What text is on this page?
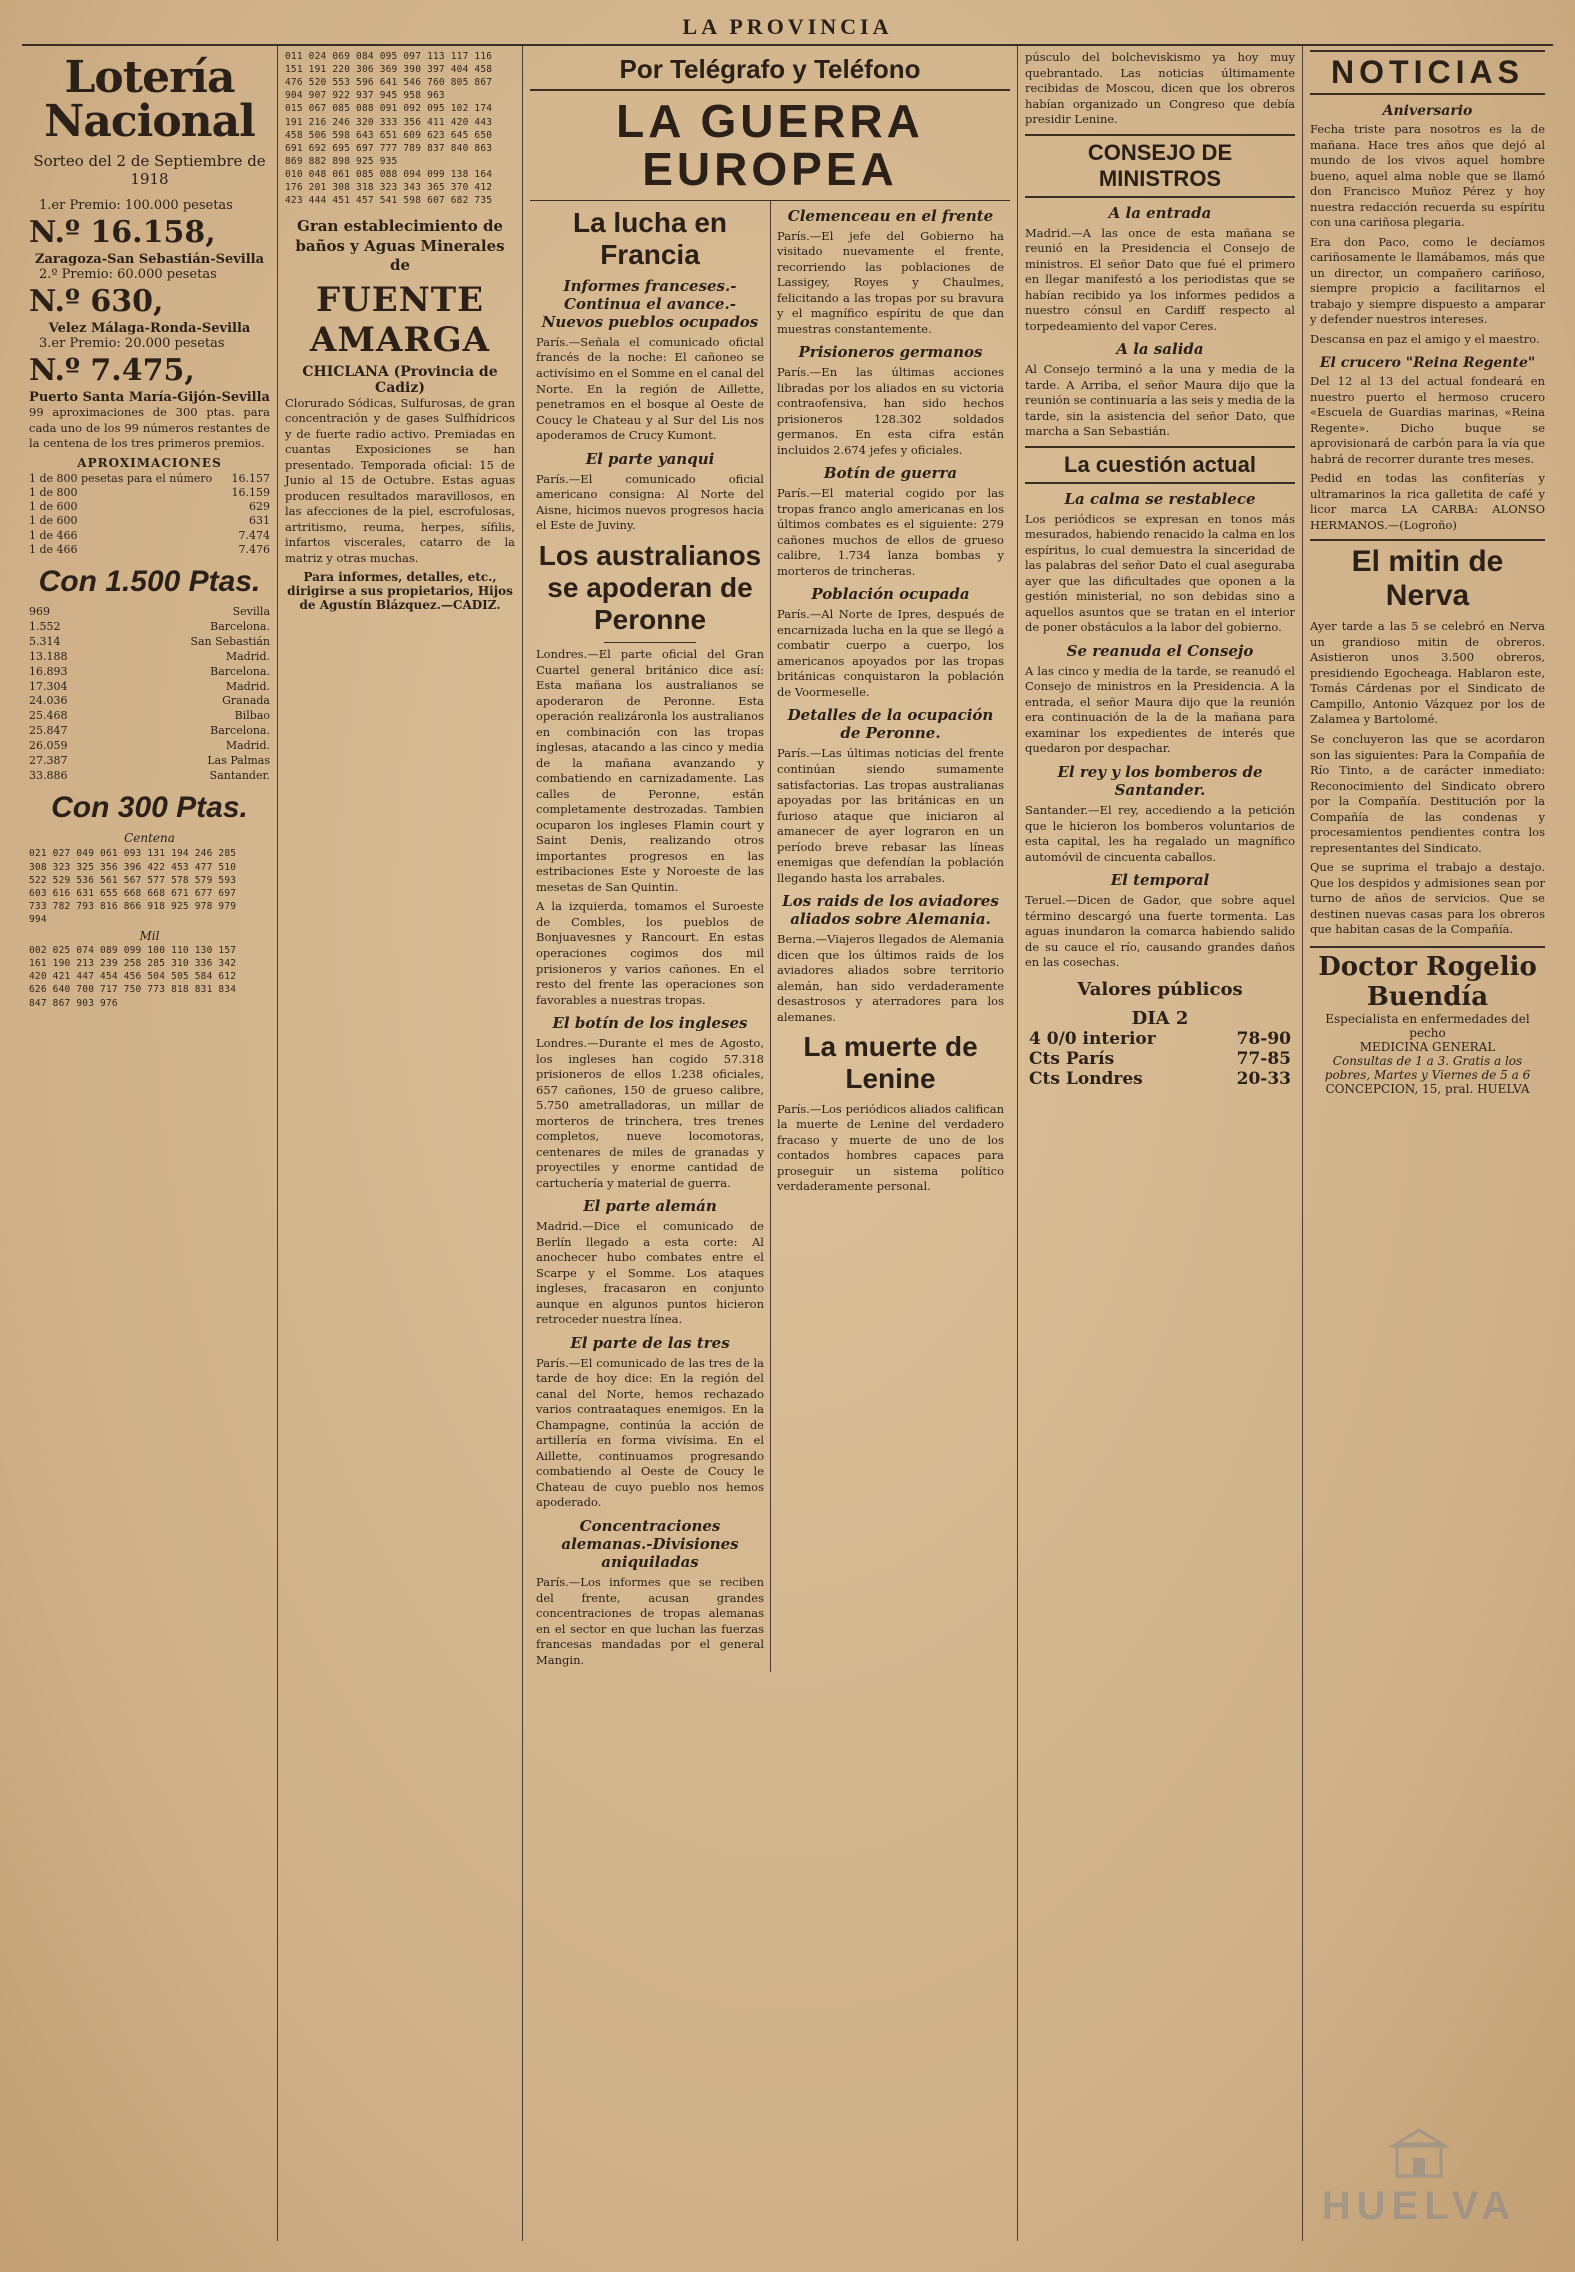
LA PROVINCIA
Lotería Nacional
Sorteo del 2 de Septiembre de 1918
1.er Premio: 100.000 pesetas
N.º 16.158,
Zaragoza-San Sebastián-Sevilla
2.º Premio: 60.000 pesetas
N.º 630,
Velez Málaga-Ronda-Sevilla
3.er Premio: 20.000 pesetas
N.º 7.475,
Puerto Santa María-Gijón-Sevilla

99 aproximaciones de 300 ptas. para cada uno de los 99 números restantes de la centena de los tres primeros premios.

APROXIMACIONES
1 de 800 pesetas para el número 16.157
1 de 800	16.159
1 de 600	629
1 de 600	631
1 de 466	7.474
1 de 466	7.476
Con 1.500 Ptas.
969	Sevilla
1.552	Barcelona.
5.314	San Sebastián
13.188	Madrid.
16.893	Barcelona.
17.304	Madrid.
24.036	Granada
25.468	Bilbao
25.847	Barcelona.
26.059	Madrid.
27.387	Las Palmas
33.886	Santander.
Con 300 Ptas.
Centena
021 027 049 061 093 131 194 246 285
308 323 325 356 396 422 453 477 510
522 529 536 561 567 577 578 579 593
603 616 631 655 668 668 671 677 697
733 782 793 816 866 918 925 978 979
994
Mil
002 025 074 089 099 100 110 130 157
161 190 213 239 258 285 310 336 342
420 421 447 454 456 504 505 584 612
626 640 700 717 750 773 818 831 834
847 867 903 976
011 024 069 084 095 097 113 117 116
151 191 220 306 369 390 397 404 458
476 520 553 596 641 546 760 805 867
904 907 922 937 945 958 963
015 067 085 088 091 092 095 102 174
191 216 246 320 333 356 411 420 443
458 506 598 643 651 609 623 645 650
691 692 695 697 777 789 837 840 863
869 882 898 925 935
010 048 061 085 088 094 099 138 164
176 201 308 318 323 343 365 370 412
423 444 451 457 541 598 607 682 735
Gran establecimiento de baños y Aguas Minerales de
FUENTE AMARGA
CHICLANA (Provincia de Cadiz)

Clorurado Sódicas, Sulfurosas, de gran concentración y de gases Sulfhídricos y de fuerte radio activo. Premiadas en cuantas Exposiciones se han presentado. Temporada oficial: 15 de Junio al 15 de Octubre. Estas aguas producen resultados maravillosos, en las afecciones de la piel, escrofulosas, artritismo, reuma, herpes, sífilis, infartos viscerales, catarro de la matriz y otras muchas.

Para informes, detalles, etc., dirigirse a sus propietarios, Hijos de Agustín Blázquez.—CADIZ.
Por Telégrafo y Teléfono
LA GUERRA EUROPEA
La lucha en Francia
Informes franceses.-Continua el avance.-Nuevos pueblos ocupados

París.—Señala el comunicado oficial francés de la noche: El cañoneo se activísimo en el Somme en el canal del Norte. En la región de Aillette, penetramos en el bosque al Oeste de Coucy le Chateau y al Sur del Lis nos apoderamos de Crucy Kumont.

El parte yanqui

París.—El comunicado oficial americano consigna: Al Norte del Aisne, hicimos nuevos progresos hacia el Este de Juviny.

Los australianos se apoderan de Peronne

Londres.—El parte oficial del Gran Cuartel general británico dice así: Esta mañana los australianos se apoderaron de Peronne. Esta operación realizáronla los australianos en combinación con las tropas inglesas, atacando a las cinco y media de la mañana avanzando y combatiendo en carnizadamente. Las calles de Peronne, están completamente destrozadas. Tambien ocuparon los ingleses Flamin court y Saint Denis, realizando otros importantes progresos en las estribaciones Este y Noroeste de las mesetas de San Quintin.

A la izquierda, tomamos el Suroeste de Combles, los pueblos de Bonjuavesnes y Rancourt. En estas operaciones cogimos dos mil prisioneros y varios cañones. En el resto del frente las operaciones son favorables a nuestras tropas.

El botín de los ingleses

Londres.—Durante el mes de Agosto, los ingleses han cogido 57.318 prisioneros de ellos 1.238 oficiales, 657 cañones, 150 de grueso calibre, 5.750 ametralladoras, un millar de morteros de trinchera, tres trenes completos, nueve locomotoras, centenares de miles de granadas y proyectiles y enorme cantidad de cartuchería y material de guerra.

El parte alemán

Madrid.—Dice el comunicado de Berlín llegado a esta corte: Al anochecer hubo combates entre el Scarpe y el Somme. Los ataques ingleses, fracasaron en conjunto aunque en algunos puntos hicieron retroceder nuestra línea.

El parte de las tres

París.—El comunicado de las tres de la tarde de hoy dice: En la región del canal del Norte, hemos rechazado varios contraataques enemigos. En la Champagne, continúa la acción de artillería en forma vivísima. En el Aillette, continuamos progresando combatiendo al Oeste de Coucy le Chateau de cuyo pueblo nos hemos apoderado.

Concentraciones alemanas.-Divisiones aniquiladas

París.—Los informes que se reciben del frente, acusan grandes concentraciones de tropas alemanas en el sector en que luchan las fuerzas francesas mandadas por el general Mangin.

Clemenceau en el frente

París.—El jefe del Gobierno ha visitado nuevamente el frente, recorriendo las poblaciones de Lassigey, Royes y Chaulmes, felicitando a las tropas por su bravura y el magnífico espíritu de que dan muestras constantemente.

Prisioneros germanos

París.—En las últimas acciones libradas por los aliados en su victoria contraofensiva, han sido hechos prisioneros 128.302 soldados germanos. En esta cifra están incluidos 2.674 jefes y oficiales.

Botín de guerra

París.—El material cogido por las tropas franco anglo americanas en los últimos combates es el siguiente: 279 cañones muchos de ellos de grueso calibre, 1.734 lanza bombas y morteros de trincheras.

Población ocupada

París.—Al Norte de Ipres, después de encarnizada lucha en la que se llegó a combatir cuerpo a cuerpo, los americanos apoyados por las tropas británicas conquistaron la población de Voormeselle.

Detalles de la ocupación de Peronne.

París.—Las últimas noticias del frente continúan siendo sumamente satisfactorias. Las tropas australianas apoyadas por las británicas en un furioso ataque que iniciaron al amanecer de ayer lograron en un período breve rebasar las líneas enemigas que defendían la población llegando hasta los arrabales.

Los raids de los aviadores aliados sobre Alemania.

Berna.—Viajeros llegados de Alemania dicen que los últimos raids de los aviadores aliados sobre territorio alemán, han sido verdaderamente desastrosos y aterradores para los alemanes.

La muerte de Lenine

París.—Los periódicos aliados califican la muerte de Lenine del verdadero fracaso y muerte de uno de los contados hombres capaces para proseguir un sistema político verdaderamente personal.

púsculo del bolcheviskismo ya hoy muy quebrantado. Las noticias últimamente recibidas de Moscou, dicen que los obreros habían organizado un Congreso que debía presidir Lenine.

CONSEJO DE MINISTROS
A la entrada

Madrid.—A las once de esta mañana se reunió en la Presidencia el Consejo de ministros. El señor Dato que fué el primero en llegar manifestó a los periodistas que se habían recibido ya los informes pedidos a nuestro cónsul en Cardiff respecto al torpedeamiento del vapor Ceres.

A la salida

Al Consejo terminó a la una y media de la tarde. A Arriba, el señor Maura dijo que la reunión se continuaría a las seis y media de la tarde, sin la asistencia del señor Dato, que marcha a San Sebastián.

La cuestión actual
La calma se restablece

Los periódicos se expresan en tonos más mesurados, habiendo renacido la calma en los espíritus, lo cual demuestra la sinceridad de las palabras del señor Dato el cual aseguraba ayer que las dificultades que oponen a la gestión ministerial, no son debidas sino a aquellos asuntos que se tratan en el interior de poner obstáculos a la labor del gobierno.

Se reanuda el Consejo

A las cinco y media de la tarde, se reanudó el Consejo de ministros en la Presidencia. A la entrada, el señor Maura dijo que la reunión era continuación de la de la mañana para examinar los expedientes de interés que quedaron por despachar.

El rey y los bomberos de Santander.

Santander.—El rey, accediendo a la petición que le hicieron los bomberos voluntarios de esta capital, les ha regalado un magnífico automóvil de cincuenta caballos.

El temporal

Teruel.—Dicen de Gador, que sobre aquel término descargó una fuerte tormenta. Las aguas inundaron la comarca habiendo salido de su cauce el río, causando grandes daños en las cosechas.

Valores públicos
DIA 2
4 0/0 interior	78-90
Cts París	77-85
Cts Londres	20-33
NOTICIAS
Aniversario

Fecha triste para nosotros es la de mañana. Hace tres años que dejó al mundo de los vivos aquel hombre bueno, aquel alma noble que se llamó don Francisco Muñoz Pérez y hoy nuestra redacción recuerda su espíritu con una cariñosa plegaria.

Era don Paco, como le decíamos cariñosamente le llamábamos, más que un director, un compañero cariñoso, siempre propicio a facilitarnos el trabajo y siempre dispuesto a amparar y defender nuestros intereses.

Descansa en paz el amigo y el maestro.

El crucero "Reina Regente"

Del 12 al 13 del actual fondeará en nuestro puerto el hermoso crucero «Escuela de Guardias marinas, «Reina Regente». Dicho buque se aprovisionará de carbón para la vía que habrá de recorrer durante tres meses.

Pedid en todas las confiterías y ultramarinos la rica galletita de café y licor marca LA CARBA: ALONSO HERMANOS.—(Logroño)

El mitin de Nerva

Ayer tarde a las 5 se celebró en Nerva un grandioso mitin de obreros. Asistieron unos 3.500 obreros, presidiendo Egocheaga. Hablaron este, Tomás Cárdenas por el Sindicato de Campillo, Antonio Vázquez por los de Zalamea y Bartolomé.

Se concluyeron las que se acordaron son las siguientes: Para la Compañía de Río Tinto, a de carácter inmediato: Reconocimiento del Sindicato obrero por la Compañía. Destitución por la Compañía de las condenas y procesamientos pendientes contra los representantes del Sindicato.

Que se suprima el trabajo a destajo. Que los despidos y admisiones sean por turno de años de servicios. Que se destinen nuevas casas para los obreros que habitan casas de la Compañía.

Doctor Rogelio Buendía
Especialista en enfermedades del pecho
MEDICINA GENERAL
Consultas de 1 a 3. Gratis a los pobres, Martes y Viernes de 5 a 6
CONCEPCION, 15, pral. HUELVA
HUELVA
